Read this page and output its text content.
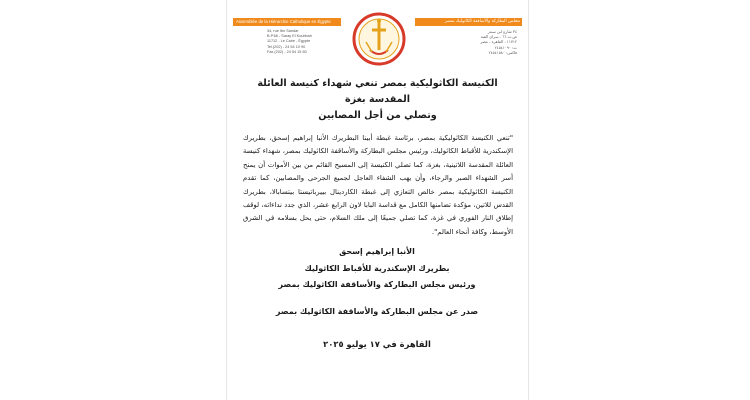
Assemblée de la Hiérarchie Catholique en Égypte	مجلس البطاركة والأساقفة الكاثوليك بمصر
34, rue Ibn Sandar
B.P.66 - Saray El Koubbah
11712 - Le Caire - Égypte
Tel.(202) - 24 54 10 90
Fax.(202) - 24 54 15 80
٣٤ شارع ابن سندر
ص.ب ٦٦ - سراي القبة
١١٧١٢ - القاهرة - مصر
ت: ٢٤٥٤١٠٩٠
فاكس: ٢٤٥٤١٥٨٠
الكنيسة الكاثوليكية بمصر تنعي شهداء كنيسة العائلة المقدسة بغزة
وتصلي من أجل المصابين
"تنعي الكنيسة الكاثوليكية بمصر، برئاسة غبطة أبينا البطريرك الأنبا إبراهيم إسحق، بطريرك الإسكندرية للأقباط الكاثوليك، ورئيس مجلس البطاركة والأساقفة الكاثوليك بمصر، شهداء كنيسة العائلة المقدسة اللاتينية، بغزة، كما تصلي الكنيسة إلى المسيح القائم من بين الأموات أن يمنح أسر الشهداء الصبر والرجاء، وأن يهب الشفاء العاجل لجميع الجرحى والمصابين، كما تقدم الكنيسة الكاثوليكية بمصر خالص التعازي إلى غبطة الكاردينال بييرباتيستا بيتسابالا، بطريرك القدس للاتين، مؤكدة تضامنها الكامل مع قداسة البابا لاون الرابع عشر، الذي جدد نداءاته، لوقف إطلاق النار الفوري في غزة، كما تصلي جميعًا إلى ملك السلام، حتى يحل بسلامه في الشرق الأوسط، وكافة أنحاء العالم".
الأنبا إبراهيم إسحق
بطريرك الإسكندرية للأقباط الكاثوليك
ورئيس مجلس البطاركة والأساقفة الكاثوليك بمصر
صدر عن مجلس البطاركة والأساقفة الكاثوليك بمصر
القاهرة في ١٧ يوليو ٢٠٢٥
